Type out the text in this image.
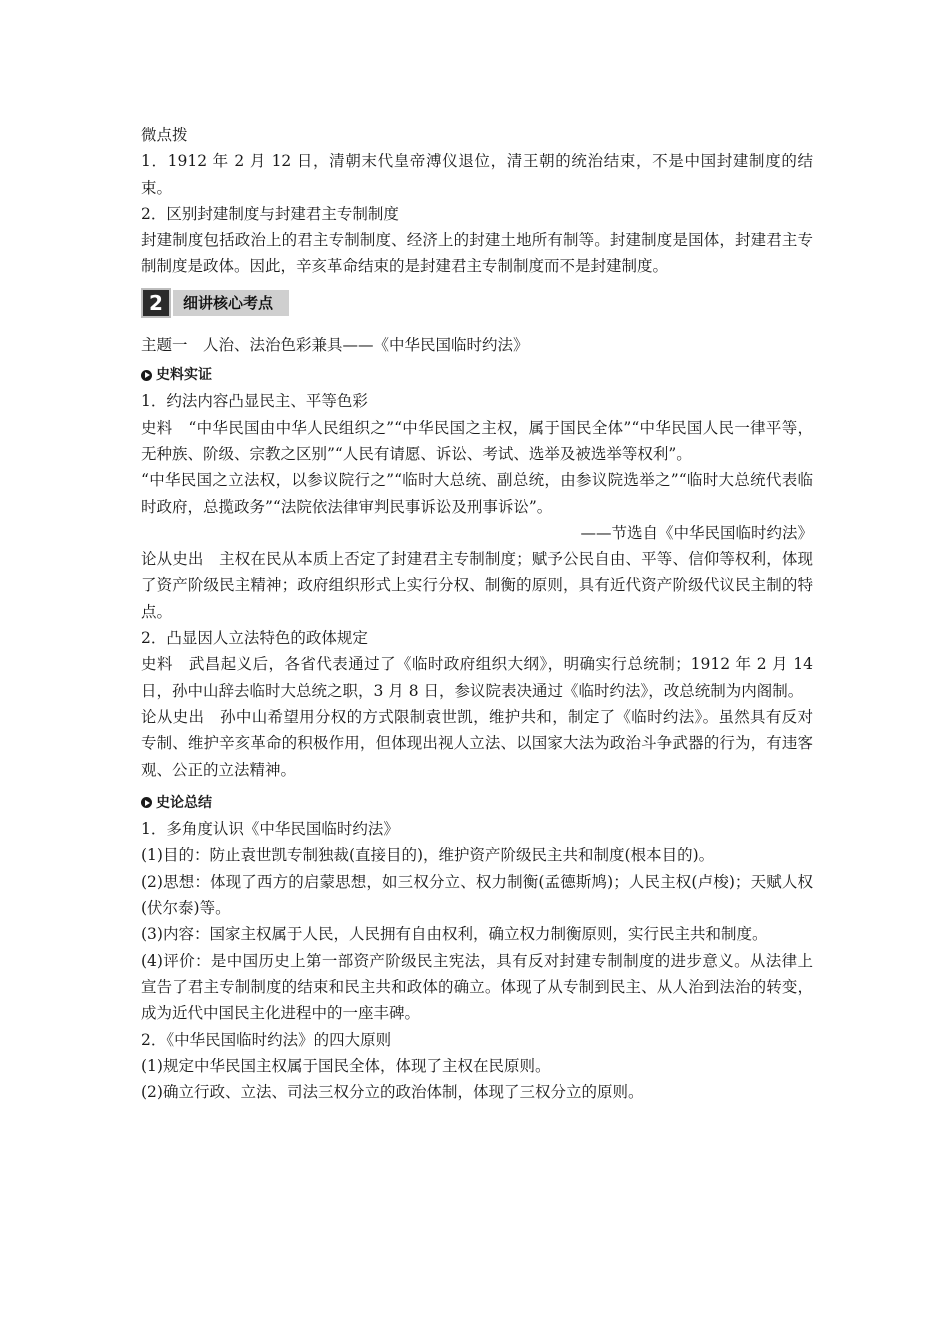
微点拨

1．1912 年 2 月 12 日，清朝末代皇帝溥仪退位，清王朝的统治结束，不是中国封建制度的结束。

2．区别封建制度与封建君主专制制度

封建制度包括政治上的君主专制制度、经济上的封建土地所有制等。封建制度是国体，封建君主专制制度是政体。因此，辛亥革命结束的是封建君主专制制度而不是封建制度。

2	细讲核心考点

主题一　人治、法治色彩兼具——《中华民国临时约法》

史料实证

1．约法内容凸显民主、平等色彩

史料　“中华民国由中华人民组织之”“中华民国之主权，属于国民全体”“中华民国人民一律平等，无种族、阶级、宗教之区别”“人民有请愿、诉讼、考试、选举及被选举等权利”。

“中华民国之立法权，以参议院行之”“临时大总统、副总统，由参议院选举之”“临时大总统代表临时政府，总揽政务”“法院依法律审判民事诉讼及刑事诉讼”。

——节选自《中华民国临时约法》

论从史出　主权在民从本质上否定了封建君主专制制度；赋予公民自由、平等、信仰等权利，体现了资产阶级民主精神；政府组织形式上实行分权、制衡的原则，具有近代资产阶级代议民主制的特点。

2．凸显因人立法特色的政体规定

史料　武昌起义后，各省代表通过了《临时政府组织大纲》，明确实行总统制；1912 年 2 月 14 日，孙中山辞去临时大总统之职，3 月 8 日，参议院表决通过《临时约法》，改总统制为内阁制。

论从史出　孙中山希望用分权的方式限制袁世凯，维护共和，制定了《临时约法》。虽然具有反对专制、维护辛亥革命的积极作用，但体现出视人立法、以国家大法为政治斗争武器的行为，有违客观、公正的立法精神。

史论总结

1．多角度认识《中华民国临时约法》

(1)目的：防止袁世凯专制独裁(直接目的)，维护资产阶级民主共和制度(根本目的)。

(2)思想：体现了西方的启蒙思想，如三权分立、权力制衡(孟德斯鸠)；人民主权(卢梭)；天赋人权(伏尔泰)等。

(3)内容：国家主权属于人民，人民拥有自由权利，确立权力制衡原则，实行民主共和制度。

(4)评价：是中国历史上第一部资产阶级民主宪法，具有反对封建专制制度的进步意义。从法律上宣告了君主专制制度的结束和民主共和政体的确立。体现了从专制到民主、从人治到法治的转变，成为近代中国民主化进程中的一座丰碑。

2．《中华民国临时约法》的四大原则

(1)规定中华民国主权属于国民全体，体现了主权在民原则。

(2)确立行政、立法、司法三权分立的政治体制，体现了三权分立的原则。
